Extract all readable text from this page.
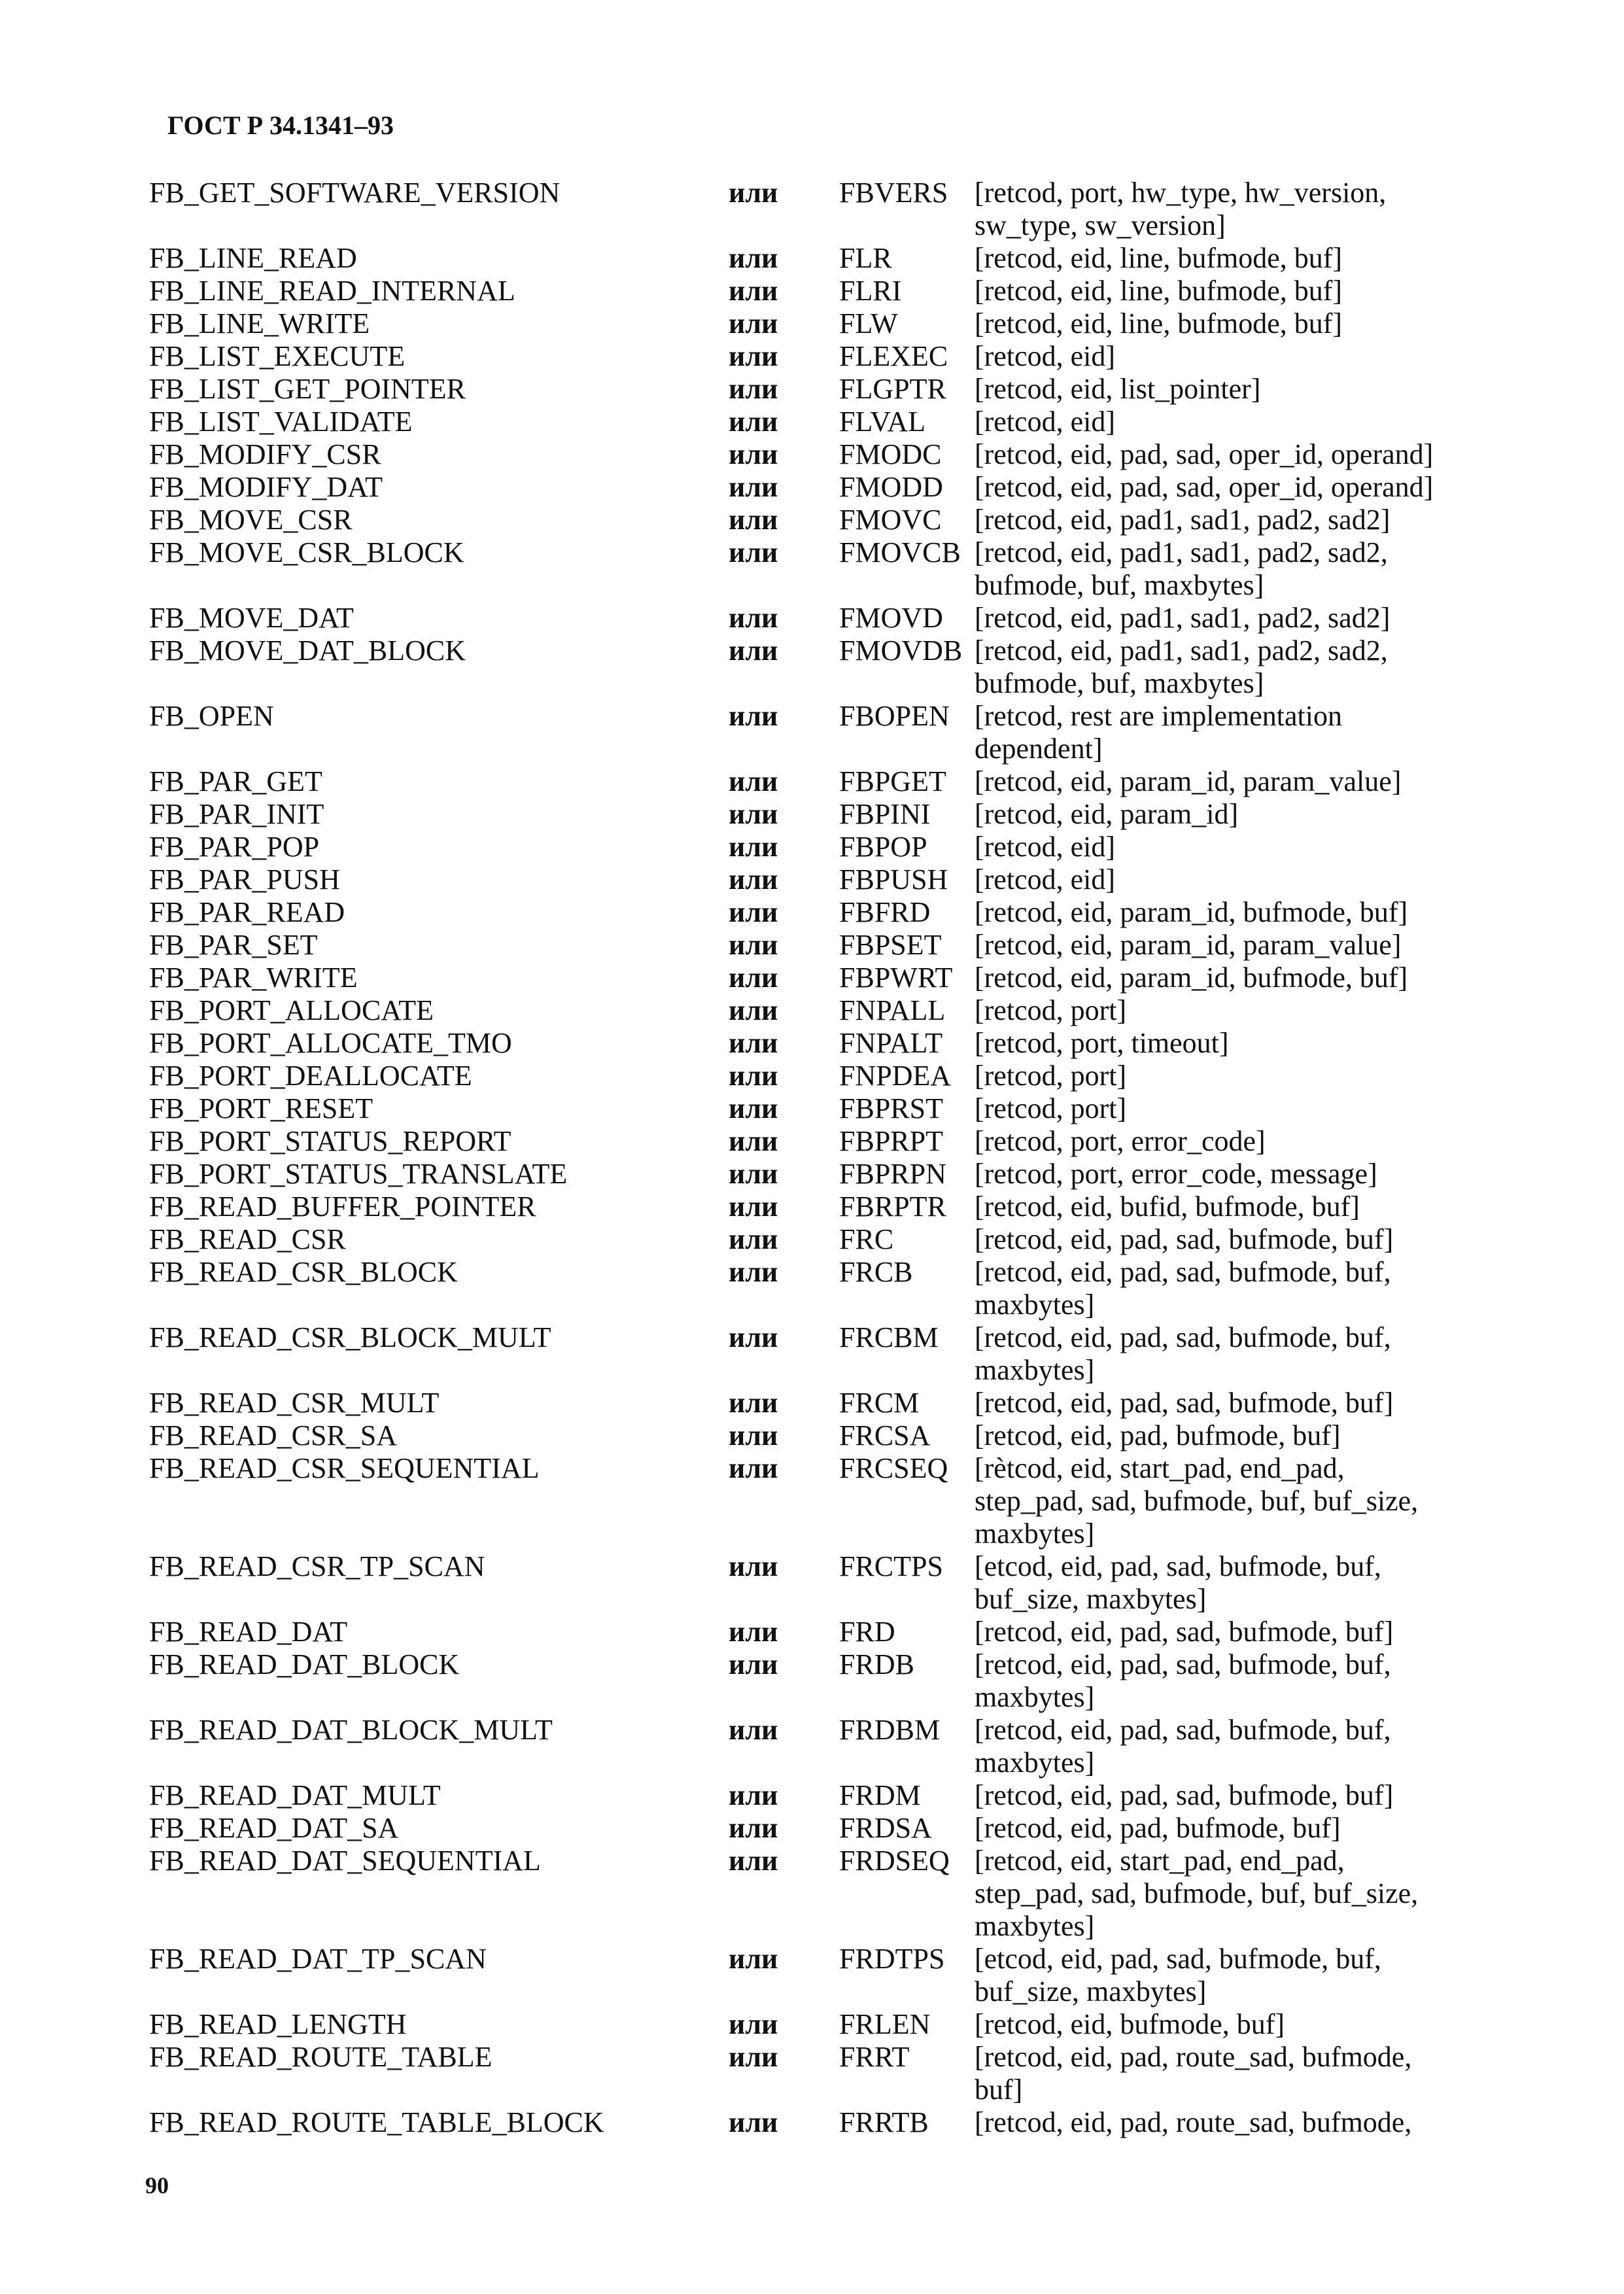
ГОСТ Р 34.1341–93
FB_GET_SOFTWARE_VERSION	или FBVERS [retcod, port, hw_type, hw_version,
sw_type, sw_version]
FB_LINE_READ	или FLR	[retcod, eid, line, bufmode, buf]
FB_LINE_READ_INTERNAL	или FLRI	[retcod, eid, line, bufmode, buf]
FB_LINE_WRITE	или FLW	[retcod, eid, line, bufmode, buf]
FB_LIST_EXECUTE	или FLEXEC [retcod, eid]
FB_LIST_GET_POINTER	или FLGPTR [retcod, eid, list_pointer]
FB_LIST_VALIDATE	или FLVAL [retcod, eid]
FB_MODIFY_CSR	или FMODC [retcod, eid, pad, sad, oper_id, operand]
FB_MODIFY_DAT	или FMODD [retcod, eid, pad, sad, oper_id, operand]
FB_MOVE_CSR	или FMOVC [retcod, eid, pad1, sad1, pad2, sad2]
FB_MOVE_CSR_BLOCK	или FMOVCB [retcod, eid, pad1, sad1, pad2, sad2,
bufmode, buf, maxbytes]
FB_MOVE_DAT	или FMOVD [retcod, eid, pad1, sad1, pad2, sad2]
FB_MOVE_DAT_BLOCK	или FMOVDB [retcod, eid, pad1, sad1, pad2, sad2,
bufmode, buf, maxbytes]
FB_OPEN	или FBOPEN [retcod, rest are implementation
dependent]
FB_PAR_GET	или FBPGET [retcod, eid, param_id, param_value]
FB_PAR_INIT	или FBPINI [retcod, eid, param_id]
FB_PAR_POP	или FBPOP [retcod, eid]
FB_PAR_PUSH	или FBPUSH [retcod, eid]
FB_PAR_READ	или FBFRD [retcod, eid, param_id, bufmode, buf]
FB_PAR_SET	или FBPSET [retcod, eid, param_id, param_value]
FB_PAR_WRITE	или FBPWRT [retcod, eid, param_id, bufmode, buf]
FB_PORT_ALLOCATE	или FNPALL [retcod, port]
FB_PORT_ALLOCATE_TMO	или FNPALT [retcod, port, timeout]
FB_PORT_DEALLOCATE	или FNPDEA [retcod, port]
FB_PORT_RESET	или FBPRST [retcod, port]
FB_PORT_STATUS_REPORT	или FBPRPT [retcod, port, error_code]
FB_PORT_STATUS_TRANSLATE	или FBPRPN [retcod, port, error_code, message]
FB_READ_BUFFER_POINTER	или FBRPTR [retcod, eid, bufid, bufmode, buf]
FB_READ_CSR	или FRC	[retcod, eid, pad, sad, bufmode, buf]
FB_READ_CSR_BLOCK	или FRCB [retcod, eid, pad, sad, bufmode, buf,
maxbytes]
FB_READ_CSR_BLOCK_MULT	или FRCBM [retcod, eid, pad, sad, bufmode, buf,
maxbytes]
FB_READ_CSR_MULT	или FRCM [retcod, eid, pad, sad, bufmode, buf]
FB_READ_CSR_SA	или FRCSA [retcod, eid, pad, bufmode, buf]
FB_READ_CSR_SEQUENTIAL	или FRCSEQ [rètcod, eid, start_pad, end_pad,
step_pad, sad, bufmode, buf, buf_size,
maxbytes]
FB_READ_CSR_TP_SCAN	или FRCTPS [etcod, eid, pad, sad, bufmode, buf,
buf_size, maxbytes]
FB_READ_DAT	или FRD	[retcod, eid, pad, sad, bufmode, buf]
FB_READ_DAT_BLOCK	или FRDB [retcod, eid, pad, sad, bufmode, buf,
maxbytes]
FB_READ_DAT_BLOCK_MULT	или FRDBM [retcod, eid, pad, sad, bufmode, buf,
maxbytes]
FB_READ_DAT_MULT	или FRDM [retcod, eid, pad, sad, bufmode, buf]
FB_READ_DAT_SA	или FRDSA [retcod, eid, pad, bufmode, buf]
FB_READ_DAT_SEQUENTIAL	или FRDSEQ [retcod, eid, start_pad, end_pad,
step_pad, sad, bufmode, buf, buf_size,
maxbytes]
FB_READ_DAT_TP_SCAN	или FRDTPS [etcod, eid, pad, sad, bufmode, buf,
buf_size, maxbytes]
FB_READ_LENGTH	или FRLEN [retcod, eid, bufmode, buf]
FB_READ_ROUTE_TABLE	или FRRT [retcod, eid, pad, route_sad, bufmode,
buf]
FB_READ_ROUTE_TABLE_BLOCK	или FRRTB [retcod, eid, pad, route_sad, bufmode,
90
